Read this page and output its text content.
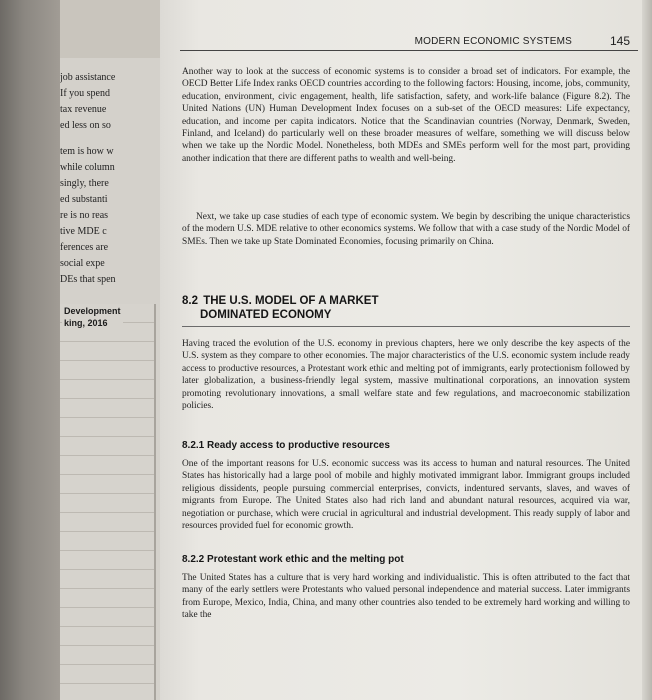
job assistance
If you spend
tax revenue
ed less on so
tem is how w
while column
singly, there
ed substanti
re is no reas
tive MDE c
ferences are
social expe
DEs that spen
Development
king, 2016
MODERN ECONOMIC SYSTEMS	145

Another way to look at the success of economic systems is to consider a broad set of indicators. For example, the OECD Better Life Index ranks OECD countries according to the following factors: Housing, income, jobs, community, education, environment, civic engagement, health, life satisfaction, safety, and work-life balance (Figure 8.2). The United Nations (UN) Human Development Index focuses on a sub-set of the OECD measures: Life expectancy, education, and income per capita indicators. Notice that the Scandinavian countries (Norway, Denmark, Sweden, Finland, and Iceland) do particularly well on these broader measures of welfare, something we will discuss below when we take up the Nordic Model. Nonetheless, both MDEs and SMEs perform well for the most part, providing another indication that there are different paths to wealth and well-being.

Next, we take up case studies of each type of economic system. We begin by describing the unique characteristics of the modern U.S. MDE relative to other economics systems. We follow that with a case study of the Nordic Model of SMEs. Then we take up State Dominated Economies, focusing primarily on China.

8.2 THE U.S. MODEL OF A MARKET
DOMINATED ECONOMY

Having traced the evolution of the U.S. economy in previous chapters, here we only describe the key aspects of the U.S. system as they compare to other economies. The major characteristics of the U.S. economic system include ready access to productive resources, a Protestant work ethic and melting pot of immigrants, early protectionism followed by later globalization, a business-friendly legal system, massive multinational corporations, an innovation system promoting revolutionary innovations, a small welfare state and few regulations, and macroeconomic stabilization policies.

8.2.1 Ready access to productive resources

One of the important reasons for U.S. economic success was its access to human and natural resources. The United States has historically had a large pool of mobile and highly motivated immigrant labor. Immigrant groups included religious dissidents, people pursuing commercial enterprises, convicts, indentured servants, slaves, and waves of migrants from Europe. The United States also had rich land and abundant natural resources, acquired via war, negotiation or purchase, which were crucial in agricultural and industrial development. This ready supply of labor and resources provided fuel for economic growth.

8.2.2 Protestant work ethic and the melting pot

The United States has a culture that is very hard working and individualistic. This is often attributed to the fact that many of the early settlers were Protestants who valued personal independence and material success. Later immigrants from Europe, Mexico, India, China, and many other countries also tended to be extremely hard working and willing to take the
